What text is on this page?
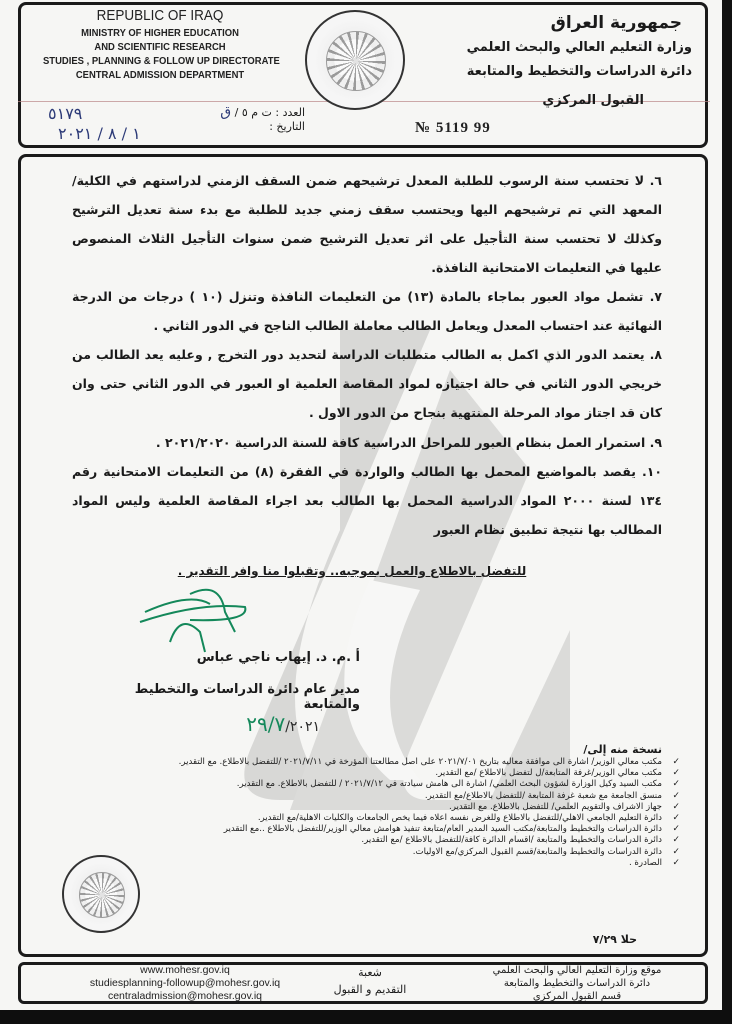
REPUBLIC OF IRAQ
MINISTRY OF HIGHER EDUCATION
AND SCIENTIFIC RESEARCH
STUDIES , PLANNING & FOLLOW UP DIRECTORATE
CENTRAL ADMISSION DEPARTMENT
العدد : ت م ٥ / ق
التاريخ :
٥١٧٩
١ / ٨ / ٢٠٢١
جمهورية العراق
وزارة التعليم العالي والبحث العلمي
دائرة الدراسات والتخطيط والمتابعة
القبول المركزي
№ 5119 99
٦. لا تحتسب سنة الرسوب للطلبة المعدل ترشيحهم ضمن السقف الزمني لدراستهم في الكلية/المعهد التي تم ترشيحهم اليها ويحتسب سقف زمني جديد للطلبة مع بدء سنة تعديل الترشيح وكذلك لا تحتسب سنة التأجيل على اثر تعديل الترشيح ضمن سنوات التأجيل الثلاث المنصوص عليها في التعليمات الامتحانية النافذة.
٧. تشمل مواد العبور بماجاء بالمادة (١٣) من التعليمات النافذة وتنزل (١٠ ) درجات من الدرجة النهائية عند احتساب المعدل ويعامل الطالب معاملة الطالب الناجح في الدور الثاني .
٨. يعتمد الدور الذي اكمل به الطالب متطلبات الدراسة لتحديد دور التخرج , وعليه يعد الطالب من خريجي الدور الثاني في حالة اجتيازه لمواد المقاصة العلمية او العبور في الدور الثاني حتى وان كان قد اجتاز مواد المرحلة المنتهية بنجاح من الدور الاول .
٩. استمرار العمل بنظام العبور للمراحل الدراسية كافة للسنة الدراسية ٢٠٢١/٢٠٢٠ .
١٠. يقصد بالمواضيع المحمل بها الطالب والواردة في الفقرة (٨) من التعليمات الامتحانية رقم ١٣٤ لسنة ٢٠٠٠ المواد الدراسية المحمل بها الطالب بعد اجراء المقاصة العلمية وليس المواد المطالب بها نتيجة تطبيق نظام العبور
للتفضل بالاطلاع والعمل بموجبه.. وتقبلوا منا وافر التقدير .
أ .م. د. إيهاب ناجي عباس
مدير عام دائرة الدراسات والتخطيط والمتابعة
٢٩/٧/٢٠٢١
نسخة منه إلى/
✓ مكتب معالي الوزير/ اشارة الى موافقة معاليه بتاريخ ٢٠٢١/٧/٠١ على اصل مطالعتنا المؤرخة في ٢٠٢١/٧/١١ /للتفضل بالاطلاع. مع التقدير.
✓ مكتب معالي الوزير/غرفة المتابعة/ل لتفضل بالاطلاع /مع التقدير.
✓ مكتب السيد وكيل الوزارة لشؤون البحث العلمي/ اشارة الى هامش سيادته في ٢٠٢١/٧/١٢ / للتفضل بالاطلاع. مع التقدير.
✓ منسق الجامعة مع شعبة غرفة المتابعة /للتفضل بالاطلاع/مع التقدير.
✓ جهاز الاشراف والتقويم العلمي/ للتفضل بالاطلاع. مع التقدير.
✓ دائرة التعليم الجامعي الاهلي/للتفضل بالاطلاع وللغرض نفسه اعلاه فيما يخص الجامعات والكليات الاهلية/مع التقدير.
✓ دائرة الدراسات والتخطيط والمتابعة/مكتب السيد المدير العام/متابعة تنفيذ هوامش معالي الوزير/للتفضل بالاطلاع ..مع التقدير
✓ دائرة الدراسات والتخطيط والمتابعة /اقسام الدائرة كافة/للتفضل بالاطلاع /مع التقدير.
✓ دائرة الدراسات والتخطيط والمتابعة/قسم القبول المركزي/مع الاوليات.
✓ الصادرة .
حلا ٧/٢٩
www.mohesr.gov.iq
studiesplanning-followup@mohesr.gov.iq
centraladmission@mohesr.gov.iq
شعبة
التقديم و القبول
موقع وزارة التعليم العالي والبحث العلمي
دائرة الدراسات والتخطيط والمتابعة
قسم القبول المركزي
